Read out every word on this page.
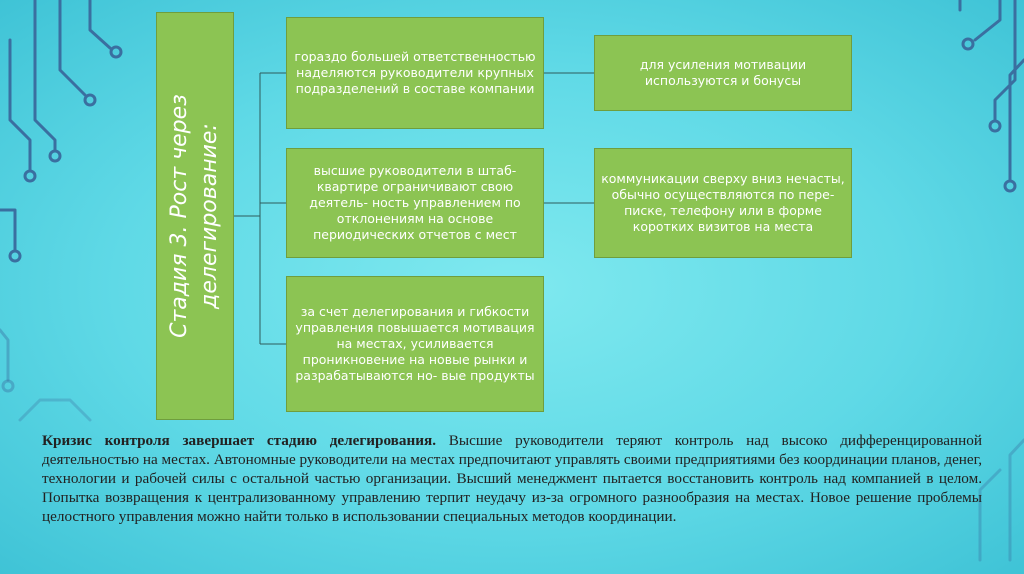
Стадия 3. Рост через делегирование:
гораздо большей ответственностью наделяются руководители крупных подразделений в составе компании
высшие руководители в штаб-квартире ограничивают свою деятель- ность управлением по отклонениям на основе периодических отчетов с мест
за счет делегирования и гибкости управления повышается мотивация на местах, усиливается проникновение на новые рынки и разрабатываются но- вые продукты
для усиления мотивации используются и бонусы
коммуникации сверху вниз нечасты, обычно осуществляются по пере- писке, телефону или в форме коротких визитов на места
Кризис контроля завершает стадию делегирования. Высшие руководители теряют контроль над высоко дифференцированной деятельностью на местах. Автономные руководители на местах предпочитают управлять своими предприятиями без координации планов, денег, технологии и рабочей силы с остальной частью организации. Высший менеджмент пытается восстановить контроль над компанией в целом. Попытка возвращения к централизованному управлению терпит неудачу из-за огромного разнообразия на местах. Новое решение проблемы целостного управления можно найти только в использовании специальных методов координации.
